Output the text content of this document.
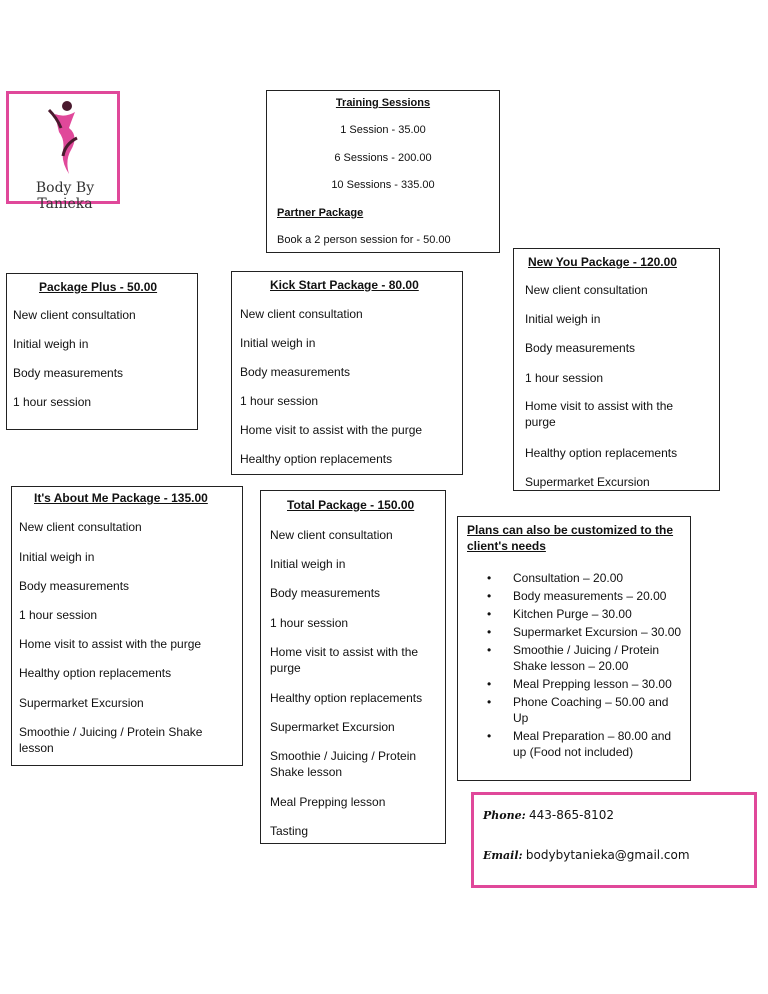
Body By Tanieka
Training Sessions
1 Session - 35.00
6 Sessions - 200.00
10 Sessions - 335.00
Partner Package
Book a 2 person session for - 50.00
New You Package - 120.00
New client consultation
Initial weigh in
Body measurements
1 hour session
Home visit to assist with the purge
Healthy option replacements
Supermarket Excursion
Package Plus - 50.00
New client consultation
Initial weigh in
Body measurements
1 hour session
Kick Start Package - 80.00
New client consultation
Initial weigh in
Body measurements
1 hour session
Home visit to assist with the purge
Healthy option replacements
It's About Me Package - 135.00
New client consultation
Initial weigh in
Body measurements
1 hour session
Home visit to assist with the purge
Healthy option replacements
Supermarket Excursion
Smoothie / Juicing / Protein Shake lesson
Total Package - 150.00
New client consultation
Initial weigh in
Body measurements
1 hour session
Home visit to assist with the purge
Healthy option replacements
Supermarket Excursion
Smoothie / Juicing / Protein Shake lesson
Meal Prepping lesson
Tasting
Plans can also be customized to the client's needs
• Consultation – 20.00
• Body measurements – 20.00
• Kitchen Purge – 30.00
• Supermarket Excursion – 30.00
• Smoothie / Juicing / Protein Shake lesson – 20.00
• Meal Prepping lesson – 30.00
• Phone Coaching – 50.00 and Up
• Meal Preparation – 80.00 and up (Food not included)
Phone: 443-865-8102
Email: bodybytanieka@gmail.com
